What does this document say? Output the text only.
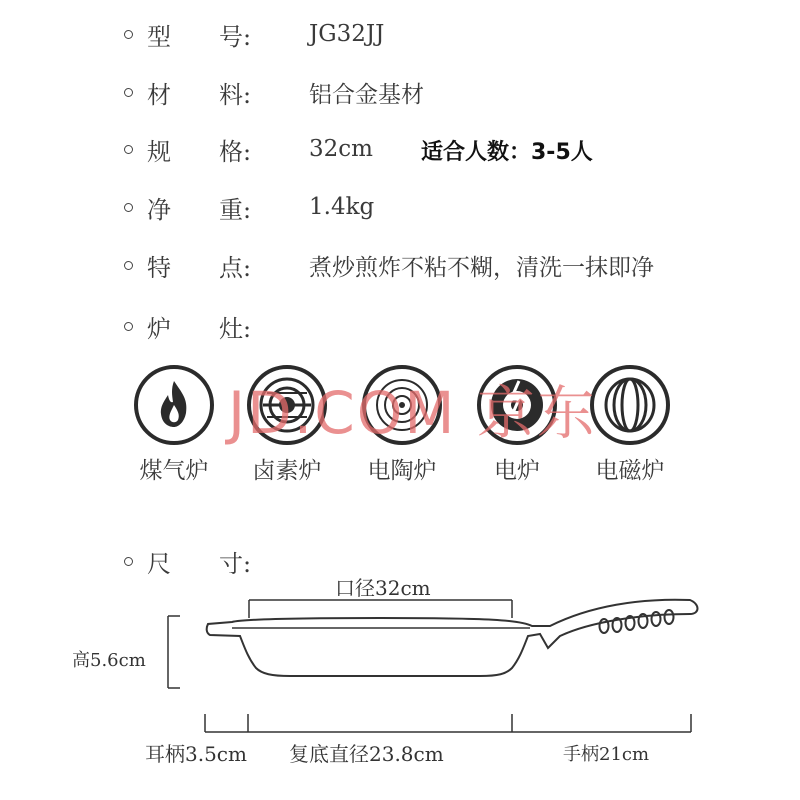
型	号:	JG32JJ
材	料:	铝合金基材
规	格:	32cm 适合人数：3-5人
净	重:	1.4kg
特	点:	煮炒煎炸不粘不糊，清洗一抹即净
炉	灶:
JD.COM 京东
煤气炉	卤素炉	电陶炉	电炉	电磁炉
尺	寸:
口径32cm
高5.6cm
耳柄3.5cm 复底直径23.8cm	手柄21cm
